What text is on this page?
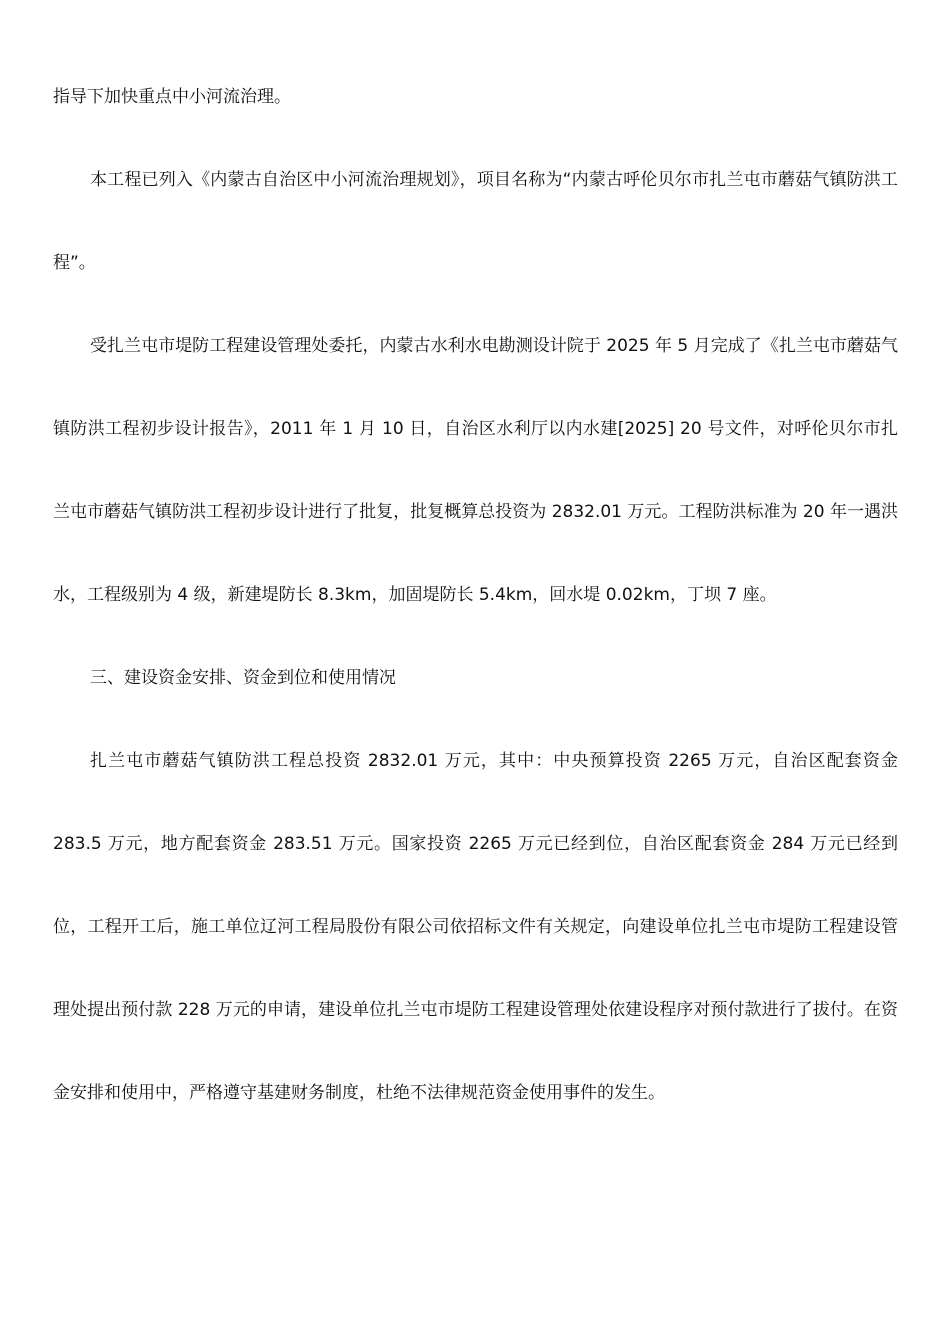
指导下加快重点中小河流治理。

本工程已列入《内蒙古自治区中小河流治理规划》，项目名称为“内蒙古呼伦贝尔市扎兰屯市蘑菇气镇防洪工程”。

受扎兰屯市堤防工程建设管理处委托，内蒙古水利水电勘测设计院于 2025 年 5 月完成了《扎兰屯市蘑菇气镇防洪工程初步设计报告》，2011 年 1 月 10 日，自治区水利厅以内水建[2025] 20 号文件，对呼伦贝尔市扎兰屯市蘑菇气镇防洪工程初步设计进行了批复，批复概算总投资为 2832.01 万元。工程防洪标准为 20 年一遇洪水，工程级别为 4 级，新建堤防长 8.3km，加固堤防长 5.4km，回水堤 0.02km，丁坝 7 座。

三、建设资金安排、资金到位和使用情况

扎兰屯市蘑菇气镇防洪工程总投资 2832.01 万元，其中：中央预算投资 2265 万元，自治区配套资金 283.5 万元，地方配套资金 283.51 万元。国家投资 2265 万元已经到位，自治区配套资金 284 万元已经到位，工程开工后，施工单位辽河工程局股份有限公司依招标文件有关规定，向建设单位扎兰屯市堤防工程建设管理处提出预付款 228 万元的申请，建设单位扎兰屯市堤防工程建设管理处依建设程序对预付款进行了拔付。在资金安排和使用中，严格遵守基建财务制度，杜绝不法律规范资金使用事件的发生。
